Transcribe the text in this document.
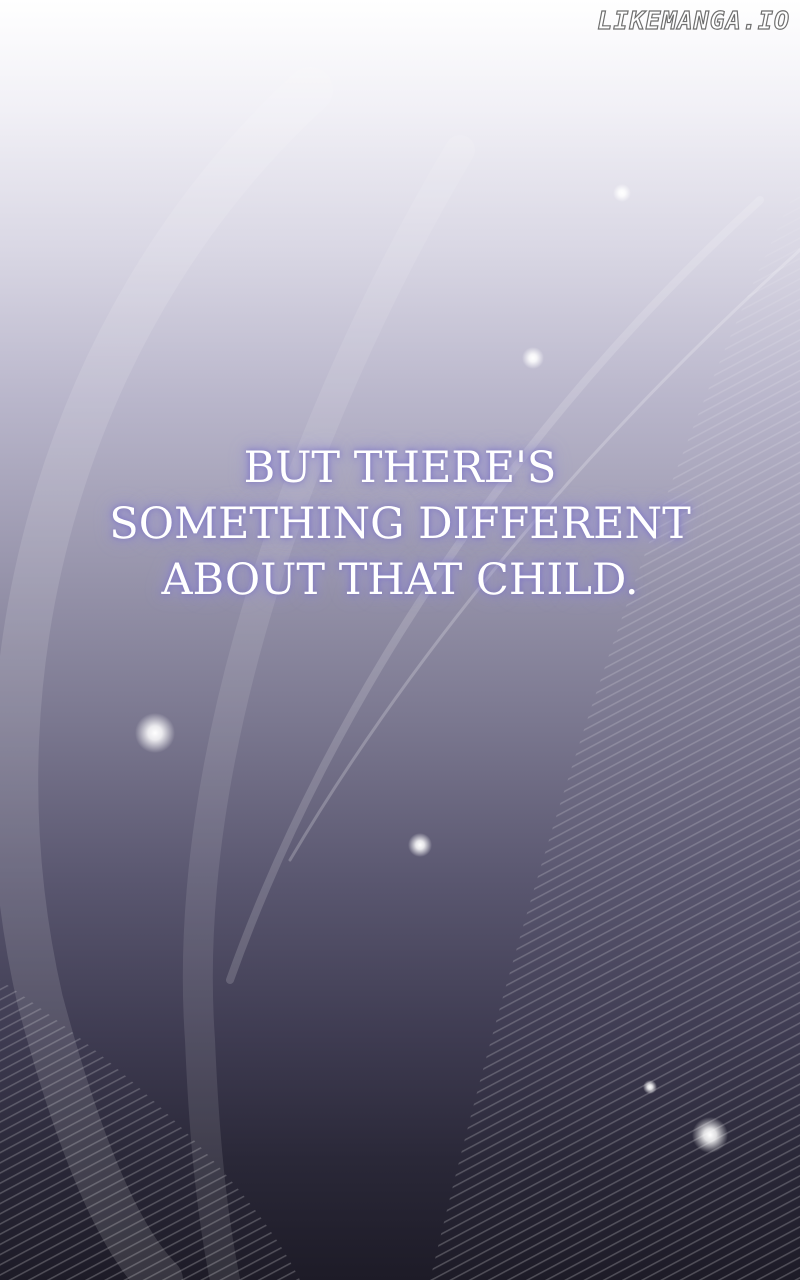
LIKEMANGA.IO
BUT THERE'S
SOMETHING DIFFERENT
ABOUT THAT CHILD.
